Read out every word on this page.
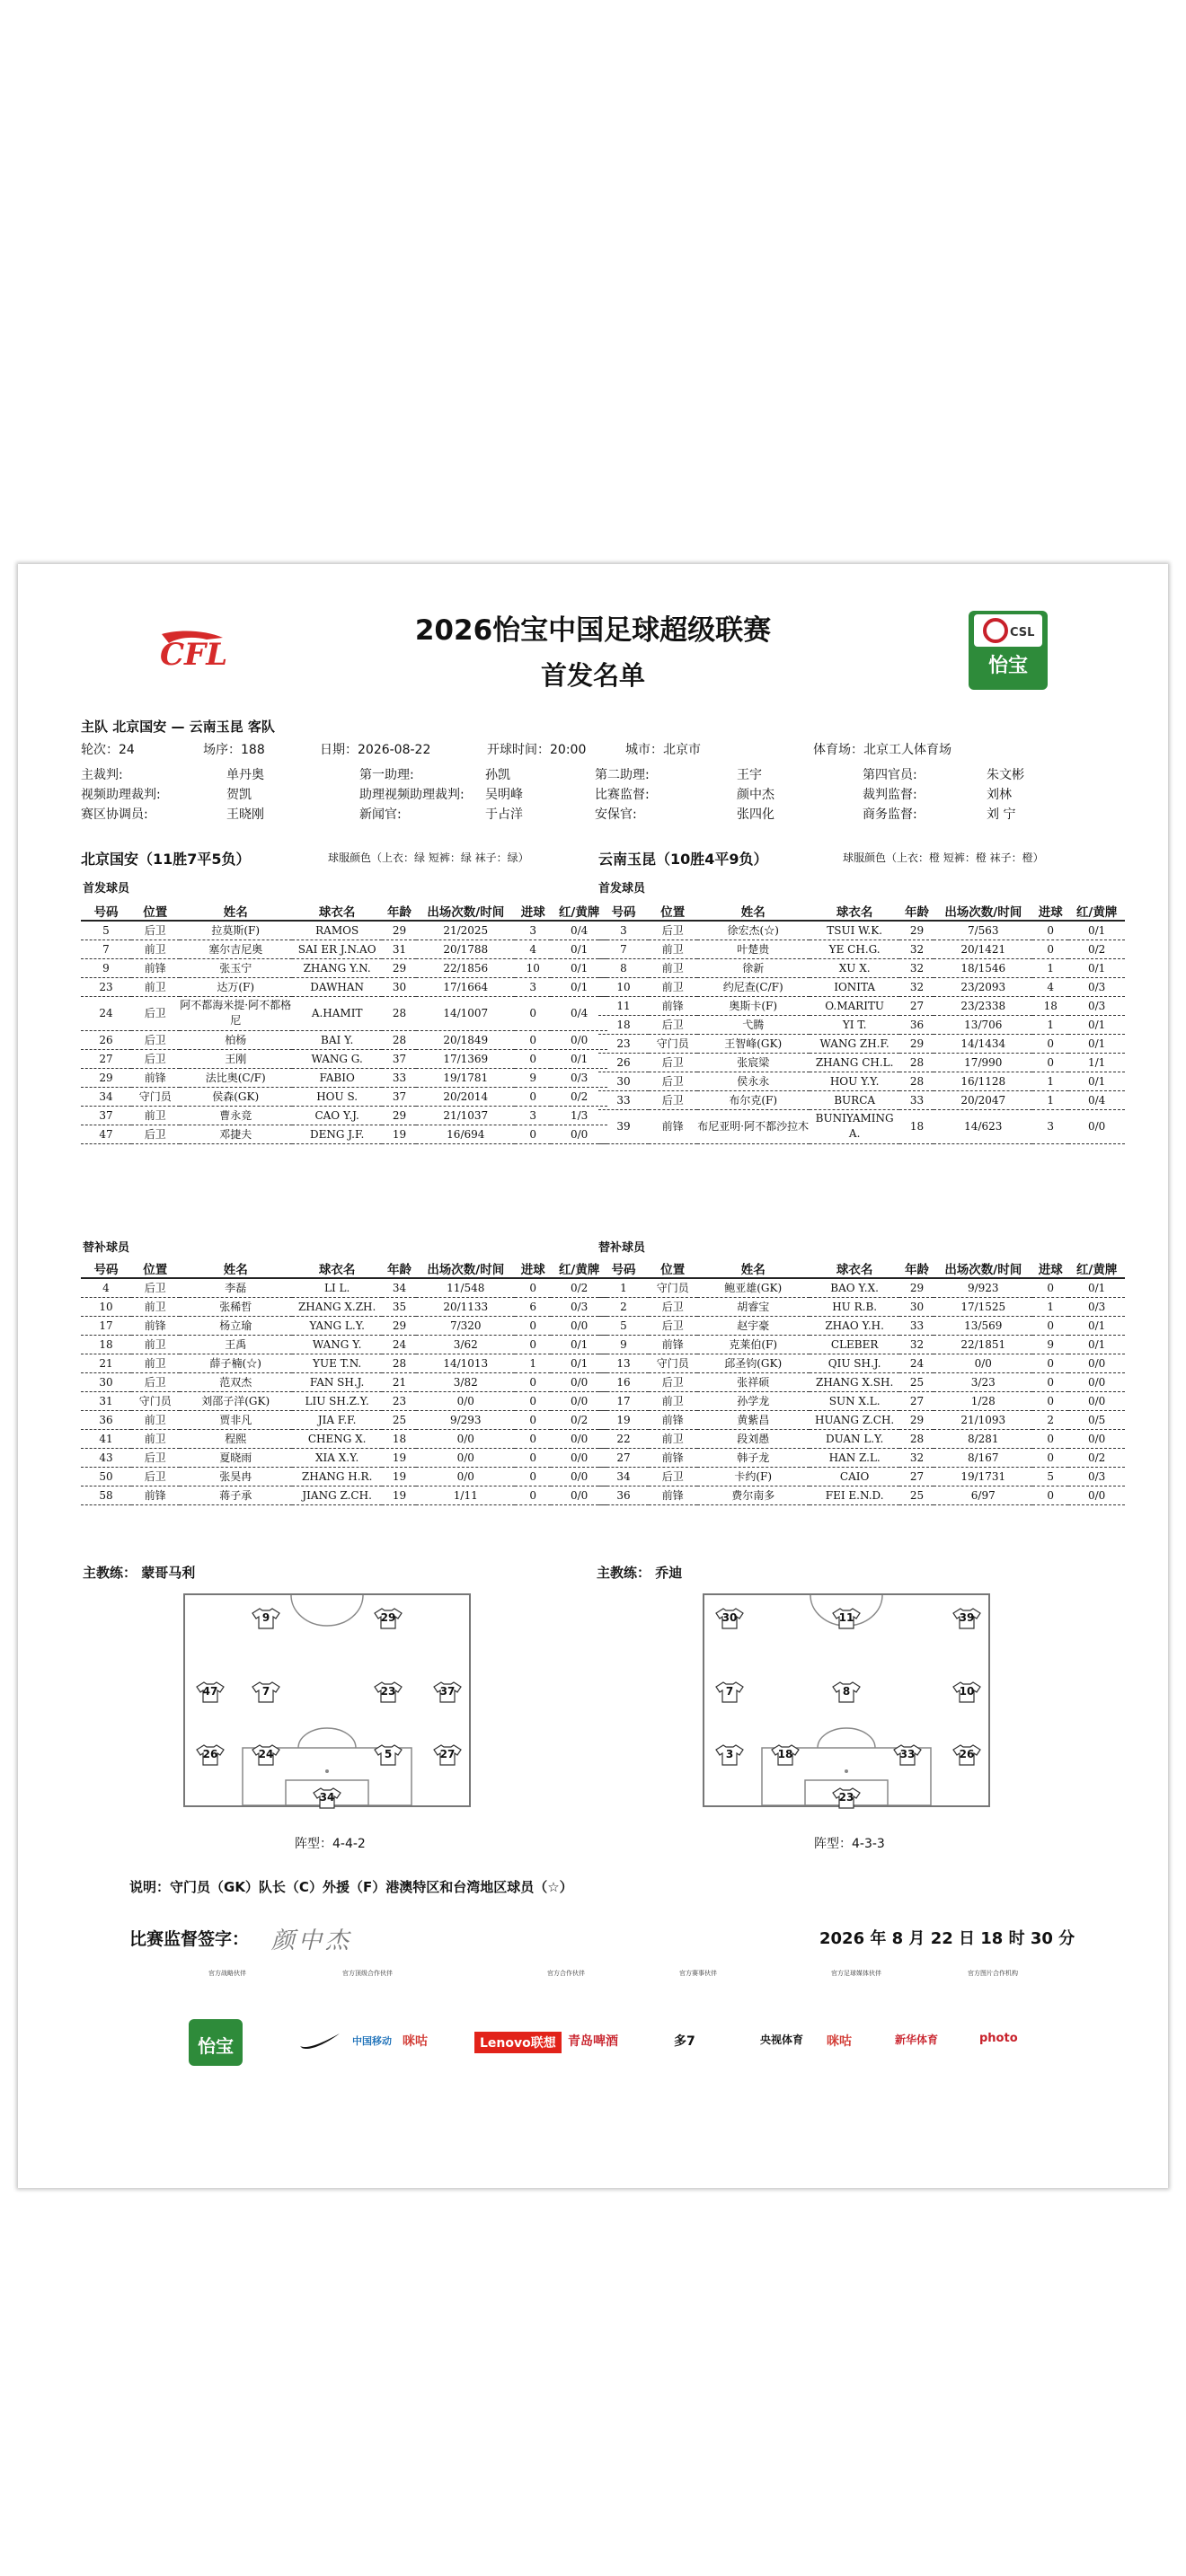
CFL
CSL
怡宝
2026怡宝中国足球超级联赛
首发名单
主队 北京国安 — 云南玉昆 客队
轮次：24	场序：188	日期：2026-08-22	开球时间：20:00	城市：北京市	体育场：北京工人体育场
主裁判:	单丹奥	第一助理:	孙凯	第二助理:	王宇	第四官员:	朱文彬
视频助理裁判:	贺凯	助理视频助理裁判: 吴明峰	比赛监督:	颜中杰	裁判监督:	刘林
赛区协调员:	王晓刚	新闻官:	于占洋	安保官:	张四化	商务监督:	刘 宁
北京国安（11胜7平5负）	球服颜色（上衣：绿 短裤：绿 袜子：绿）	云南玉昆（10胜4平9负）	球服颜色（上衣：橙 短裤：橙 袜子：橙）
首发球员	首发球员
号码	位置	姓名	球衣名	年龄	出场次数/时间	进球	红/黄牌
5	后卫	拉莫斯(F)	RAMOS	29	21/2025	3	0/4
7	前卫	塞尔吉尼奥	SAI ER J.N.AO	31	20/1788	4	0/1
9	前锋	张玉宁	ZHANG Y.N.	29	22/1856	10	0/1
23	前卫	达万(F)	DAWHAN	30	17/1664	3	0/1
24	后卫	阿不都海米提·阿不都格尼	A.HAMIT	28	14/1007	0	0/4
26	后卫	柏杨	BAI Y.	28	20/1849	0	0/0
27	后卫	王刚	WANG G.	37	17/1369	0	0/1
29	前锋	法比奥(C/F)	FABIO	33	19/1781	9	0/3
34	守门员	侯森(GK)	HOU S.	37	20/2014	0	0/2
37	前卫	曹永竞	CAO Y.J.	29	21/1037	3	1/3
47	后卫	邓捷夫	DENG J.F.	19	16/694	0	0/0
号码	位置	姓名	球衣名	年龄	出场次数/时间	进球	红/黄牌
3	后卫	徐宏杰(☆)	TSUI W.K.	29	7/563	0	0/1
7	前卫	叶楚贵	YE CH.G.	32	20/1421	0	0/2
8	前卫	徐新	XU X.	32	18/1546	1	0/1
10	前卫	约尼查(C/F)	IONITA	32	23/2093	4	0/3
11	前锋	奥斯卡(F)	O.MARITU	27	23/2338	18	0/3
18	后卫	弋腾	YI T.	36	13/706	1	0/1
23	守门员	王智峰(GK)	WANG ZH.F.	29	14/1434	0	0/1
26	后卫	张宸梁	ZHANG CH.L.	28	17/990	0	1/1
30	后卫	侯永永	HOU Y.Y.	28	16/1128	1	0/1
33	后卫	布尔克(F)	BURCA	33	20/2047	1	0/4
39	前锋	布尼亚明·阿不都沙拉木	BUNIYAMING A.	18	14/623	3	0/0
替补球员	替补球员
号码	位置	姓名	球衣名	年龄	出场次数/时间	进球	红/黄牌
4	后卫	李磊	LI L.	34	11/548	0	0/2
10	前卫	张稀哲	ZHANG X.ZH.	35	20/1133	6	0/3
17	前锋	杨立瑜	YANG L.Y.	29	7/320	0	0/0
18	前卫	王禹	WANG Y.	24	3/62	0	0/1
21	前卫	薛子楠(☆)	YUE T.N.	28	14/1013	1	0/1
30	后卫	范双杰	FAN SH.J.	21	3/82	0	0/0
31	守门员	刘邵子洋(GK)	LIU SH.Z.Y.	23	0/0	0	0/0
36	前卫	贾非凡	JIA F.F.	25	9/293	0	0/2
41	前卫	程熙	CHENG X.	18	0/0	0	0/0
43	后卫	夏晓雨	XIA X.Y.	19	0/0	0	0/0
50	后卫	张昊冉	ZHANG H.R.	19	0/0	0	0/0
58	前锋	蒋子承	JIANG Z.CH.	19	1/11	0	0/0
号码	位置	姓名	球衣名	年龄	出场次数/时间	进球	红/黄牌
1	守门员	鲍亚雄(GK)	BAO Y.X.	29	9/923	0	0/1
2	后卫	胡睿宝	HU R.B.	30	17/1525	1	0/3
5	后卫	赵宇豪	ZHAO Y.H.	33	13/569	0	0/1
9	前锋	克莱伯(F)	CLEBER	32	22/1851	9	0/1
13	守门员	邱圣钧(GK)	QIU SH.J.	24	0/0	0	0/0
16	后卫	张祥硕	ZHANG X.SH.	25	3/23	0	0/0
17	前卫	孙学龙	SUN X.L.	27	1/28	0	0/0
19	前锋	黄紫昌	HUANG Z.CH.	29	21/1093	2	0/5
22	前卫	段刘愚	DUAN L.Y.	28	8/281	0	0/0
27	前锋	韩子龙	HAN Z.L.	32	8/167	0	0/2
34	后卫	卡约(F)	CAIO	27	19/1731	5	0/3
36	前锋	费尔南多	FEI E.N.D.	25	6/97	0	0/0
主教练： 蒙哥马利	主教练： 乔迪
9	29
47	7	23	37
26	24	5	27
34
30	11	39
7	8	10
3	18	33	26
23
阵型：4-4-2	阵型：4-3-3
说明：守门员（GK）队长（C）外援（F）港澳特区和台湾地区球员（☆）
比赛监督签字： 颜中杰	2026 年 8 月 22 日 18 时 30 分
官方战略伙伴	官方顶级合作伙伴	官方合作伙伴	官方赛事伙伴	官方足球媒体伙伴	官方图片合作机构
怡宝	中国移动 咪咕	Lenovo联想 青岛啤酒	多7	央视体育 咪咕	新华体育	photo
